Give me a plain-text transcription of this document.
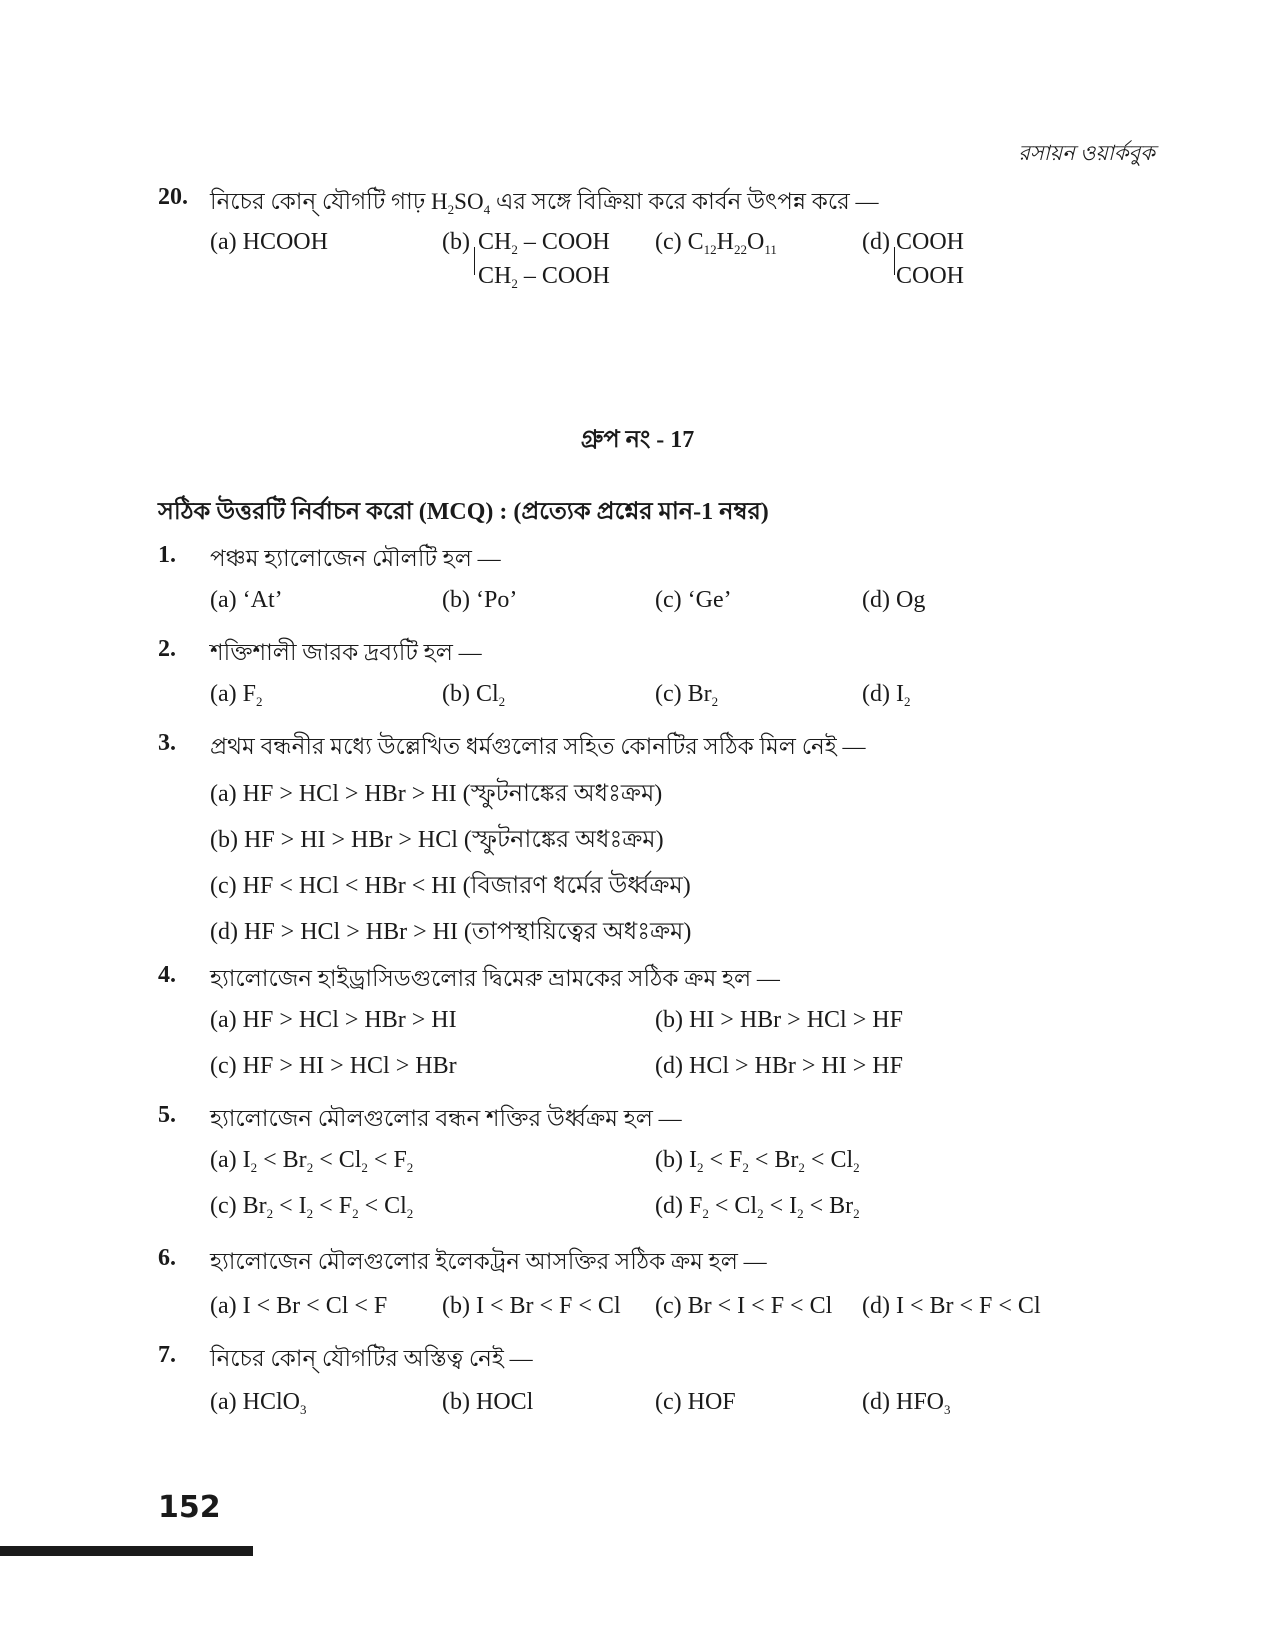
রসায়ন ওয়ার্কবুক
20. নিচের কোন্ যৌগটি গাঢ় $H_2SO_4$ এর সঙ্গে বিক্রিয়া করে কার্বন উৎপন্ন করে —
(a) HCOOH	(b) $CH_2$ – COOH
$CH_2$ – COOH
(c) $C_{12}H_{22}O_{11}$	(d) COOH
COOH
গ্রুপ নং - 17
সঠিক উত্তরটি নির্বাচন করো (MCQ) : (প্রত্যেক প্রশ্নের মান-1 নম্বর)
1. পঞ্চম হ্যালোজেন মৌলটি হল —
(a) ‘At’	(b) ‘Po’	(c) ‘Ge’	(d) Og
2. শক্তিশালী জারক দ্রব্যটি হল —
(a) $F_2$	(b) $Cl_2$	(c) $Br_2$	(d) $I_2$
3. প্রথম বন্ধনীর মধ্যে উল্লেখিত ধর্মগুলোর সহিত কোনটির সঠিক মিল নেই —
(a) HF > HCl > HBr > HI (স্ফুটনাঙ্কের অধঃক্রম)
(b) HF > HI > HBr > HCl (স্ফুটনাঙ্কের অধঃক্রম)
(c) HF < HCl < HBr < HI (বিজারণ ধর্মের উর্ধ্বক্রম)
(d) HF > HCl > HBr > HI (তাপস্থায়িত্বের অধঃক্রম)
4. হ্যালোজেন হাইড্রাসিডগুলোর দ্বিমেরু ভ্রামকের সঠিক ক্রম হল —
(a) HF > HCl > HBr > HI	(b) HI > HBr > HCl > HF
(c) HF > HI > HCl > HBr	(d) HCl > HBr > HI > HF
5. হ্যালোজেন মৌলগুলোর বন্ধন শক্তির উর্ধ্বক্রম হল —
(a) $I_2 < Br_2 < Cl_2 < F_2$	(b) $I_2 < F_2 < Br_2 < Cl_2$
(c) $Br_2 < I_2 < F_2 < Cl_2$	(d) $F_2 < Cl_2 < I_2 < Br_2$
6. হ্যালোজেন মৌলগুলোর ইলেকট্রন আসক্তির সঠিক ক্রম হল —
(a) I < Br < Cl < F (b) I < Br < F < Cl (c) Br < I < F < Cl (d) I < Br < F < Cl
7. নিচের কোন্ যৌগটির অস্তিত্ব নেই —
(a) HClO$_3$	(b) HOCl	(c) HOF	(d) $HFO_3$
152
